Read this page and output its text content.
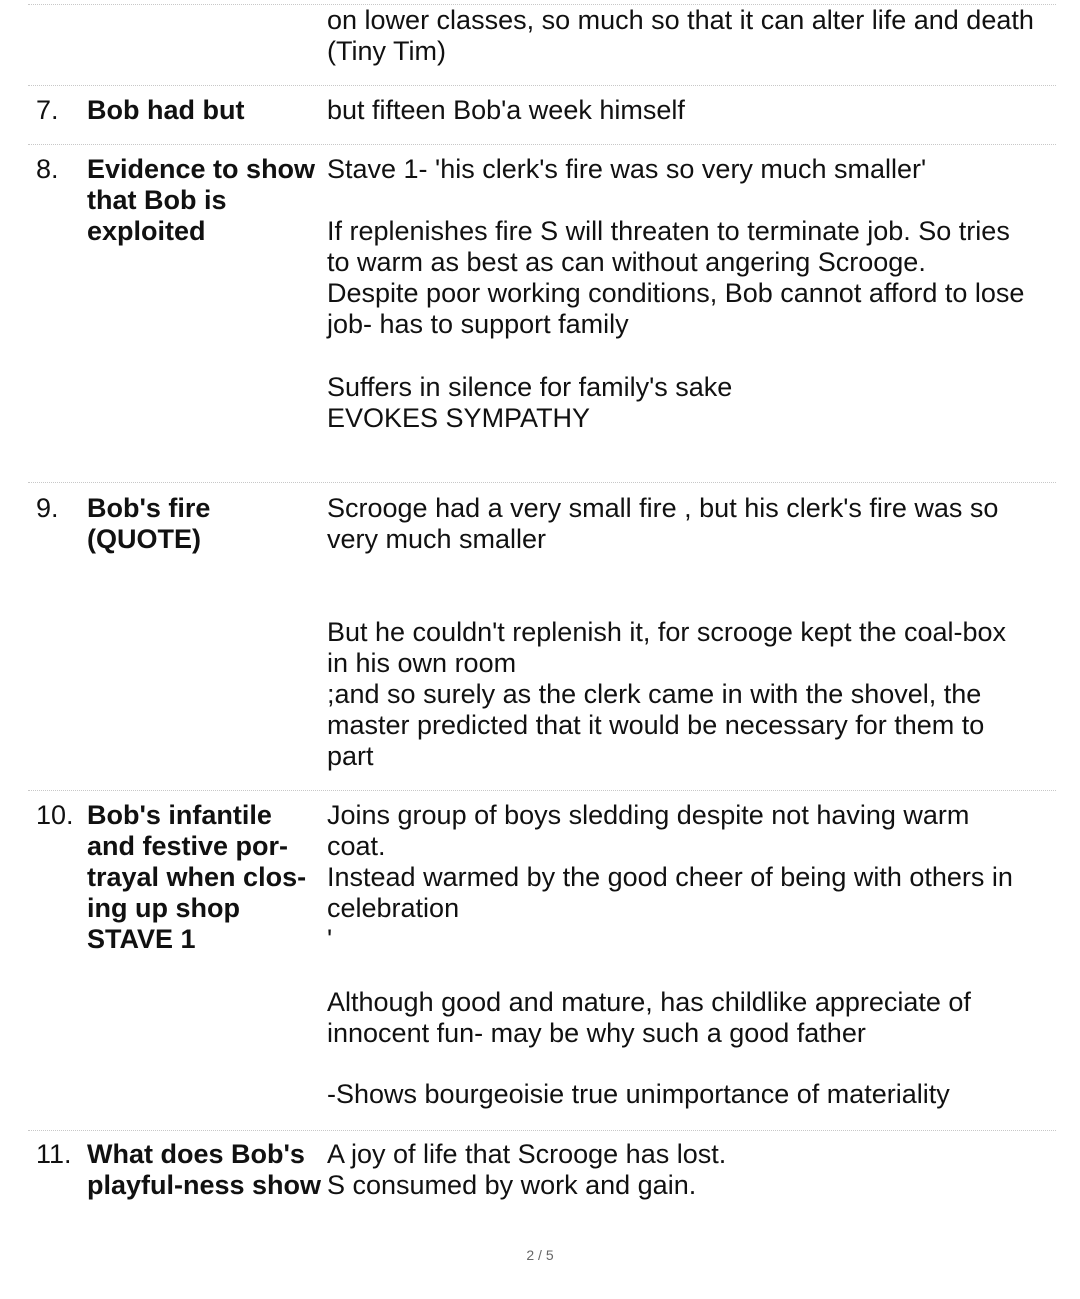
on lower classes, so much so that it can alter life and death
(Tiny Tim)
7. Bob had but	but fifteen Bob'a week himself
8. Evidence to show that Bob is exploited
Stave 1- 'his clerk's fire was so very much smaller'
If replenishes fire S will threaten to terminate job. So tries
to warm as best as can without angering Scrooge.
Despite poor working conditions, Bob cannot afford to lose
job- has to support family
Suffers in silence for family's sake
EVOKES SYMPATHY
9. Bob's fire (QUOTE)
Scrooge had a very small fire , but his clerk's fire was so
very much smaller
But he couldn't replenish it, for scrooge kept the coal-box
in his own room
;and so surely as the clerk came in with the shovel, the
master predicted that it would be necessary for them to
part
10. Bob's infantile and festive por-trayal when clos-ing up shop STAVE 1
Joins group of boys sledding despite not having warm
coat.
Instead warmed by the good cheer of being with others in
celebration
'
Although good and mature, has childlike appreciate of
innocent fun- may be why such a good father
-Shows bourgeoisie true unimportance of materiality
11. What does Bob's playful-ness show
A joy of life that Scrooge has lost.
S consumed by work and gain.
2 / 5
